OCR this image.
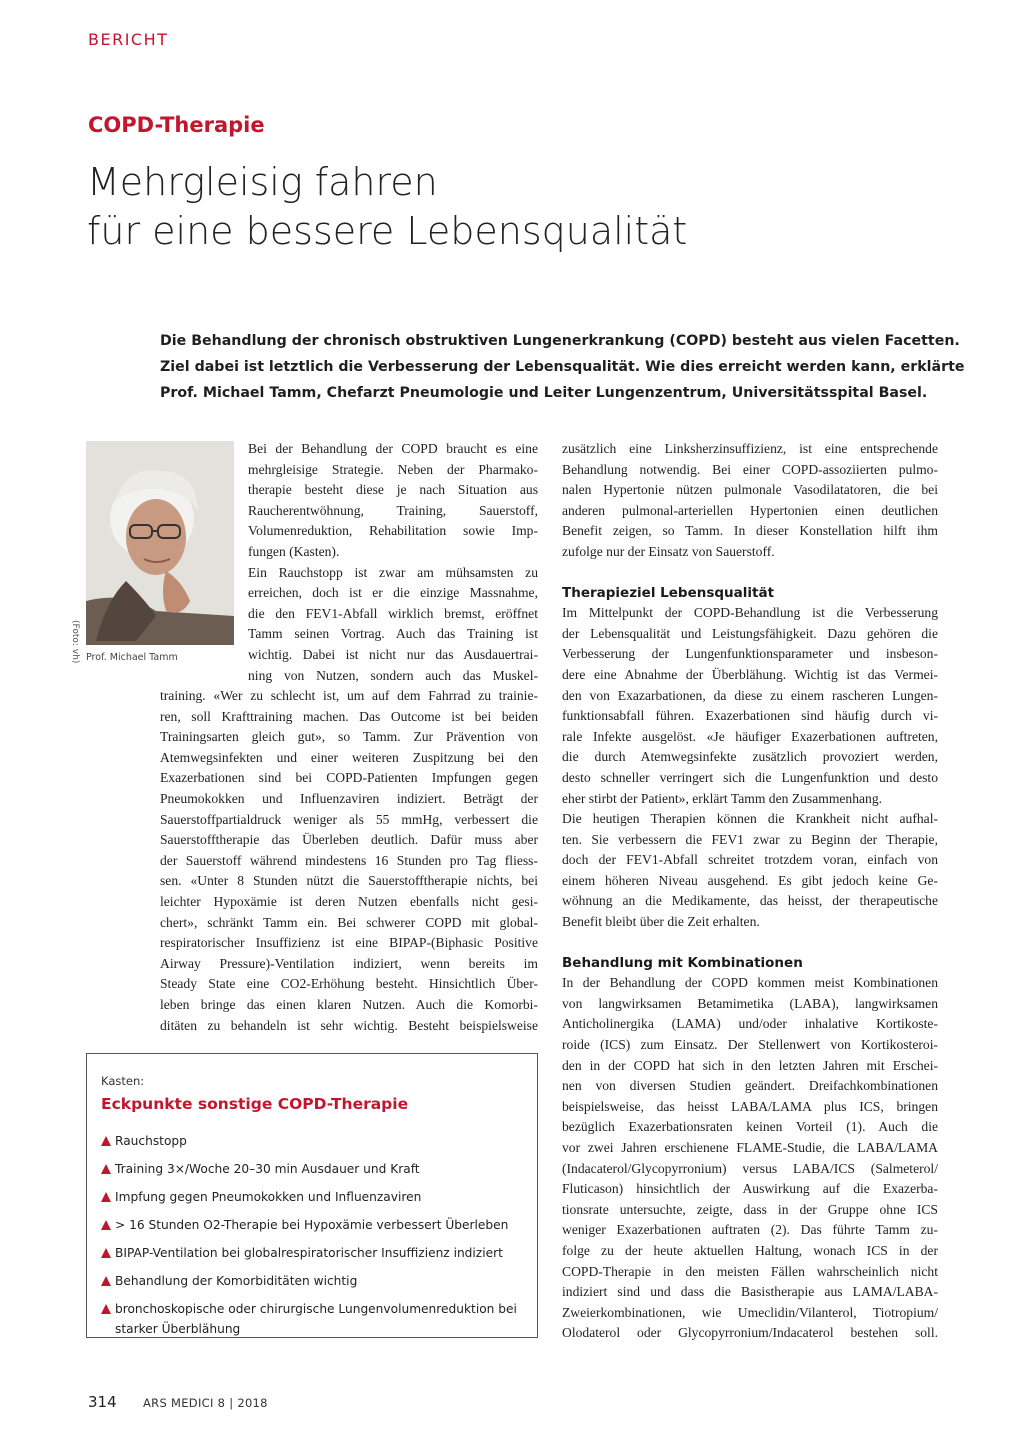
BERICHT
COPD-Therapie
Mehrgleisig fahren
für eine bessere Lebensqualität
Die Behandlung der chronisch obstruktiven Lungenerkrankung (COPD) besteht aus vielen Facetten.
Ziel dabei ist letztlich die Verbesserung der Lebensqualität. Wie dies erreicht werden kann, erklärte
Prof. Michael Tamm, Chefarzt Pneumologie und Leiter Lungenzentrum, Universitätsspital Basel.
(Foto: vh) Prof. Michael Tamm
Bei der Behandlung der COPD braucht es eine
mehrgleisige Strategie. Neben der Pharmako-
therapie besteht diese je nach Situation aus
Raucherentwöhnung, Training, Sauerstoff,
Volumenreduktion, Rehabilitation sowie Imp-
fungen (Kasten).
Ein Rauchstopp ist zwar am mühsamsten zu
erreichen, doch ist er die einzige Massnahme,
die den FEV1-Abfall wirklich bremst, eröffnet
Tamm seinen Vortrag. Auch das Training ist
wichtig. Dabei ist nicht nur das Ausdauertrai-
ning von Nutzen, sondern auch das Muskel-
training. «Wer zu schlecht ist, um auf dem Fahrrad zu trainie-
ren, soll Krafttraining machen. Das Outcome ist bei beiden
Trainingsarten gleich gut», so Tamm. Zur Prävention von
Atemwegsinfekten und einer weiteren Zuspitzung bei den
Exazerbationen sind bei COPD-Patienten Impfungen gegen
Pneumokokken und Influenzaviren indiziert. Beträgt der
Sauerstoffpartialdruck weniger als 55 mmHg, verbessert die
Sauerstofftherapie das Überleben deutlich. Dafür muss aber
der Sauerstoff während mindestens 16 Stunden pro Tag fliess-
sen. «Unter 8 Stunden nützt die Sauerstofftherapie nichts, bei
leichter Hypoxämie ist deren Nutzen ebenfalls nicht gesi-
chert», schränkt Tamm ein. Bei schwerer COPD mit global-
respiratorischer Insuffizienz ist eine BIPAP-(Biphasic Positive
Airway Pressure)-Ventilation indiziert, wenn bereits im
Steady State eine CO2-Erhöhung besteht. Hinsichtlich Über-
leben bringe das einen klaren Nutzen. Auch die Komorbi-
ditäten zu behandeln ist sehr wichtig. Besteht beispielsweise
zusätzlich eine Linksherzinsuffizienz, ist eine entsprechende
Behandlung notwendig. Bei einer COPD-assoziierten pulmo-
nalen Hypertonie nützen pulmonale Vasodilatatoren, die bei
anderen pulmonal-arteriellen Hypertonien einen deutlichen
Benefit zeigen, so Tamm. In dieser Konstellation hilft ihm
zufolge nur der Einsatz von Sauerstoff.
Therapieziel Lebensqualität
Im Mittelpunkt der COPD-Behandlung ist die Verbesserung
der Lebensqualität und Leistungsfähigkeit. Dazu gehören die
Verbesserung der Lungenfunktionsparameter und insbeson-
dere eine Abnahme der Überblähung. Wichtig ist das Vermei-
den von Exazarbationen, da diese zu einem rascheren Lungen-
funktionsabfall führen. Exazerbationen sind häufig durch vi-
rale Infekte ausgelöst. «Je häufiger Exazerbationen auftreten,
die durch Atemwegsinfekte zusätzlich provoziert werden,
desto schneller verringert sich die Lungenfunktion und desto
eher stirbt der Patient», erklärt Tamm den Zusammenhang.
Die heutigen Therapien können die Krankheit nicht aufhal-
ten. Sie verbessern die FEV1 zwar zu Beginn der Therapie,
doch der FEV1-Abfall schreitet trotzdem voran, einfach von
einem höheren Niveau ausgehend. Es gibt jedoch keine Ge-
wöhnung an die Medikamente, das heisst, der therapeutische
Benefit bleibt über die Zeit erhalten.
Behandlung mit Kombinationen
In der Behandlung der COPD kommen meist Kombinationen
von langwirksamen Betamimetika (LABA), langwirksamen
Anticholinergika (LAMA) und/oder inhalative Kortikoste-
roide (ICS) zum Einsatz. Der Stellenwert von Kortikosteroi-
den in der COPD hat sich in den letzten Jahren mit Erschei-
nen von diversen Studien geändert. Dreifachkombinationen
beispielsweise, das heisst LABA/LAMA plus ICS, bringen
bezüglich Exazerbationsraten keinen Vorteil (1). Auch die
vor zwei Jahren erschienene FLAME-Studie, die LABA/LAMA
(Indacaterol/Glycopyrronium) versus LABA/ICS (Salmeterol/
Fluticason) hinsichtlich der Auswirkung auf die Exazerba-
tionsrate untersuchte, zeigte, dass in der Gruppe ohne ICS
weniger Exazerbationen auftraten (2). Das führte Tamm zu-
folge zu der heute aktuellen Haltung, wonach ICS in der
COPD-Therapie in den meisten Fällen wahrscheinlich nicht
indiziert sind und dass die Basistherapie aus LAMA/LABA-
Zweierkombinationen, wie Umeclidin/Vilanterol, Tiotropium/
Olodaterol oder Glycopyrronium/Indacaterol bestehen soll.
Kasten:
Eckpunkte sonstige COPD-Therapie
Rauchstopp
Training 3×/Woche 20–30 min Ausdauer und Kraft
Impfung gegen Pneumokokken und Influenzaviren
> 16 Stunden O2-Therapie bei Hypoxämie verbessert Überleben
BIPAP-Ventilation bei globalrespiratorischer Insuffizienz indiziert
Behandlung der Komorbiditäten wichtig
bronchoskopische oder chirurgische Lungenvolumenreduktion bei starker Überblähung
314 ARS MEDICI 8 | 2018
